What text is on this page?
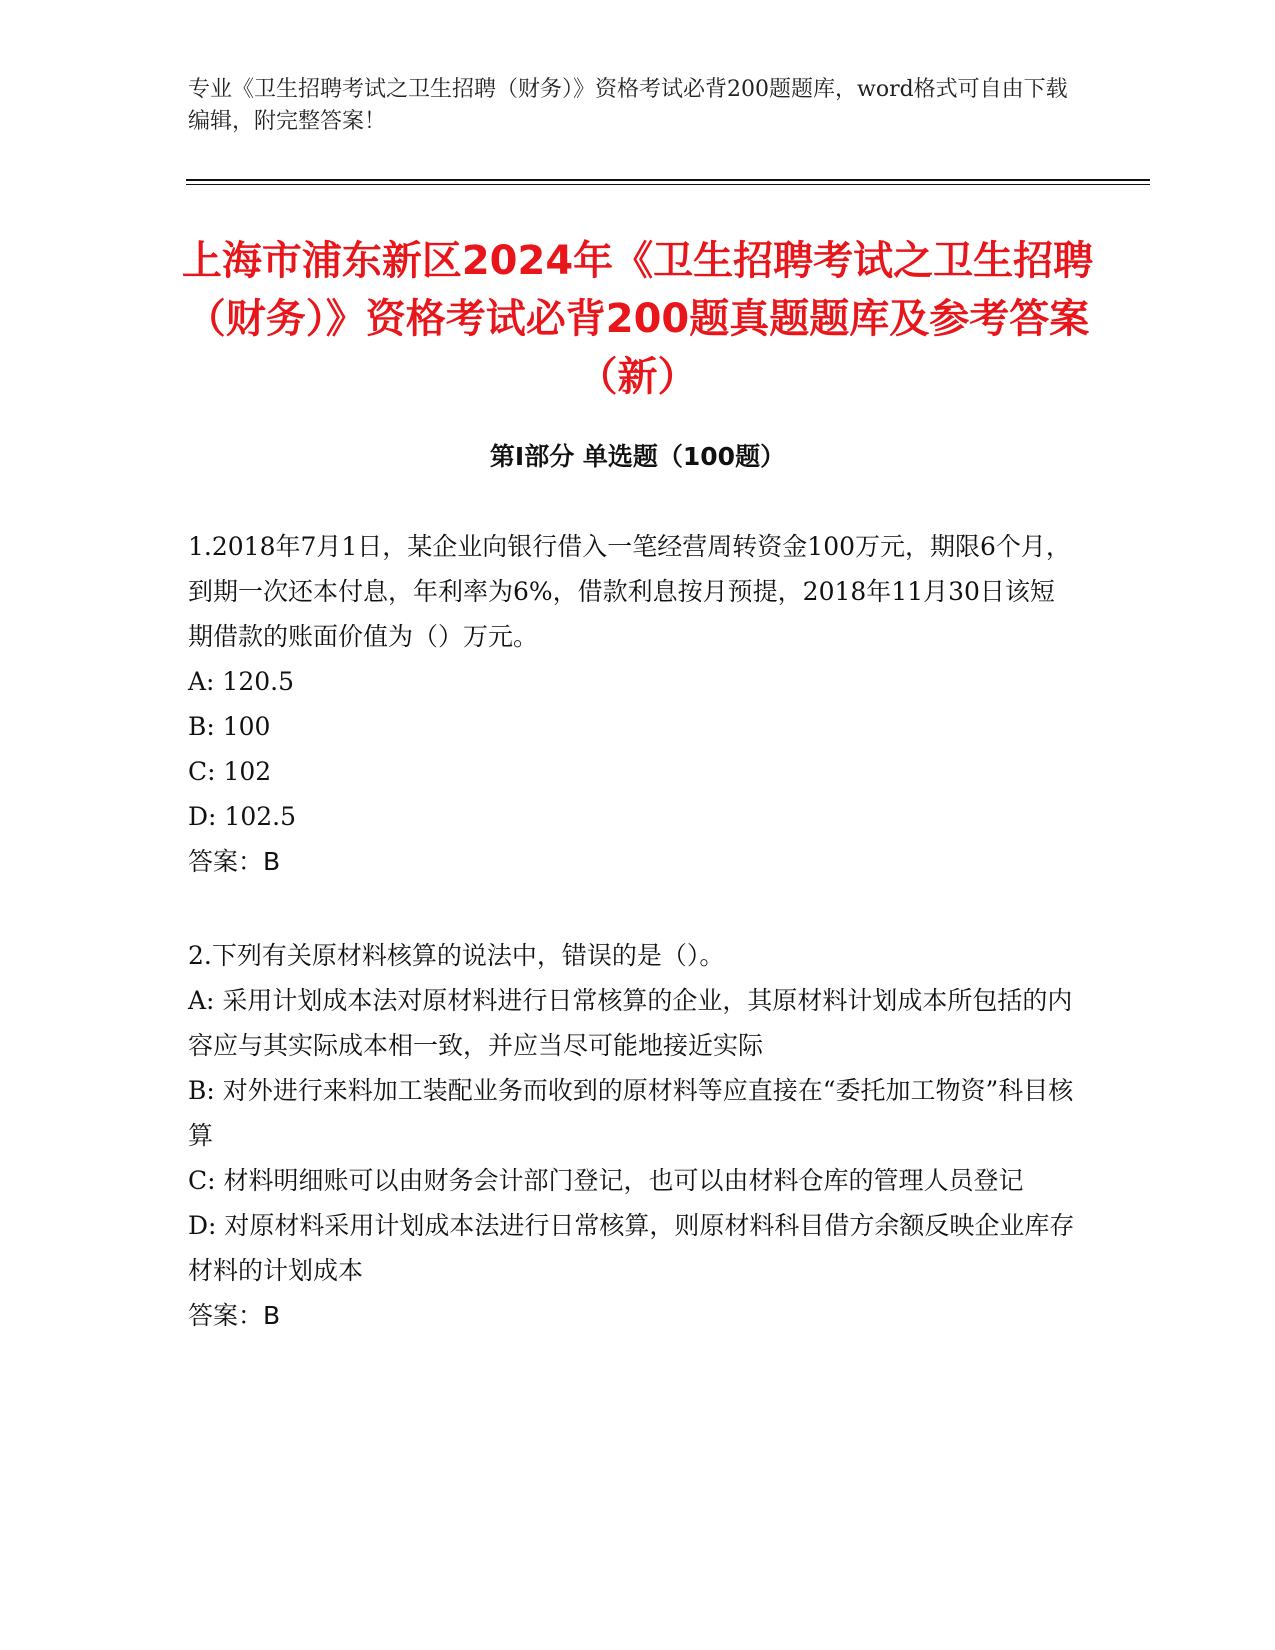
专业《卫生招聘考试之卫生招聘（财务）》资格考试必背200题题库，word格式可自由下载编辑，附完整答案！
上海市浦东新区2024年《卫生招聘考试之卫生招聘（财务）》资格考试必背200题真题题库及参考答案（新）
第I部分 单选题（100题）
1.2018年7月1日，某企业向银行借入一笔经营周转资金100万元，期限6个月，到期一次还本付息，年利率为6%，借款利息按月预提，2018年11月30日该短期借款的账面价值为（）万元。
A: 120.5
B: 100
C: 102
D: 102.5
答案：B
2.下列有关原材料核算的说法中，错误的是（）。
A: 采用计划成本法对原材料进行日常核算的企业，其原材料计划成本所包括的内容应与其实际成本相一致，并应当尽可能地接近实际
B: 对外进行来料加工装配业务而收到的原材料等应直接在“委托加工物资”科目核算
C: 材料明细账可以由财务会计部门登记，也可以由材料仓库的管理人员登记
D: 对原材料采用计划成本法进行日常核算，则原材料科目借方余额反映企业库存材料的计划成本
答案：B
